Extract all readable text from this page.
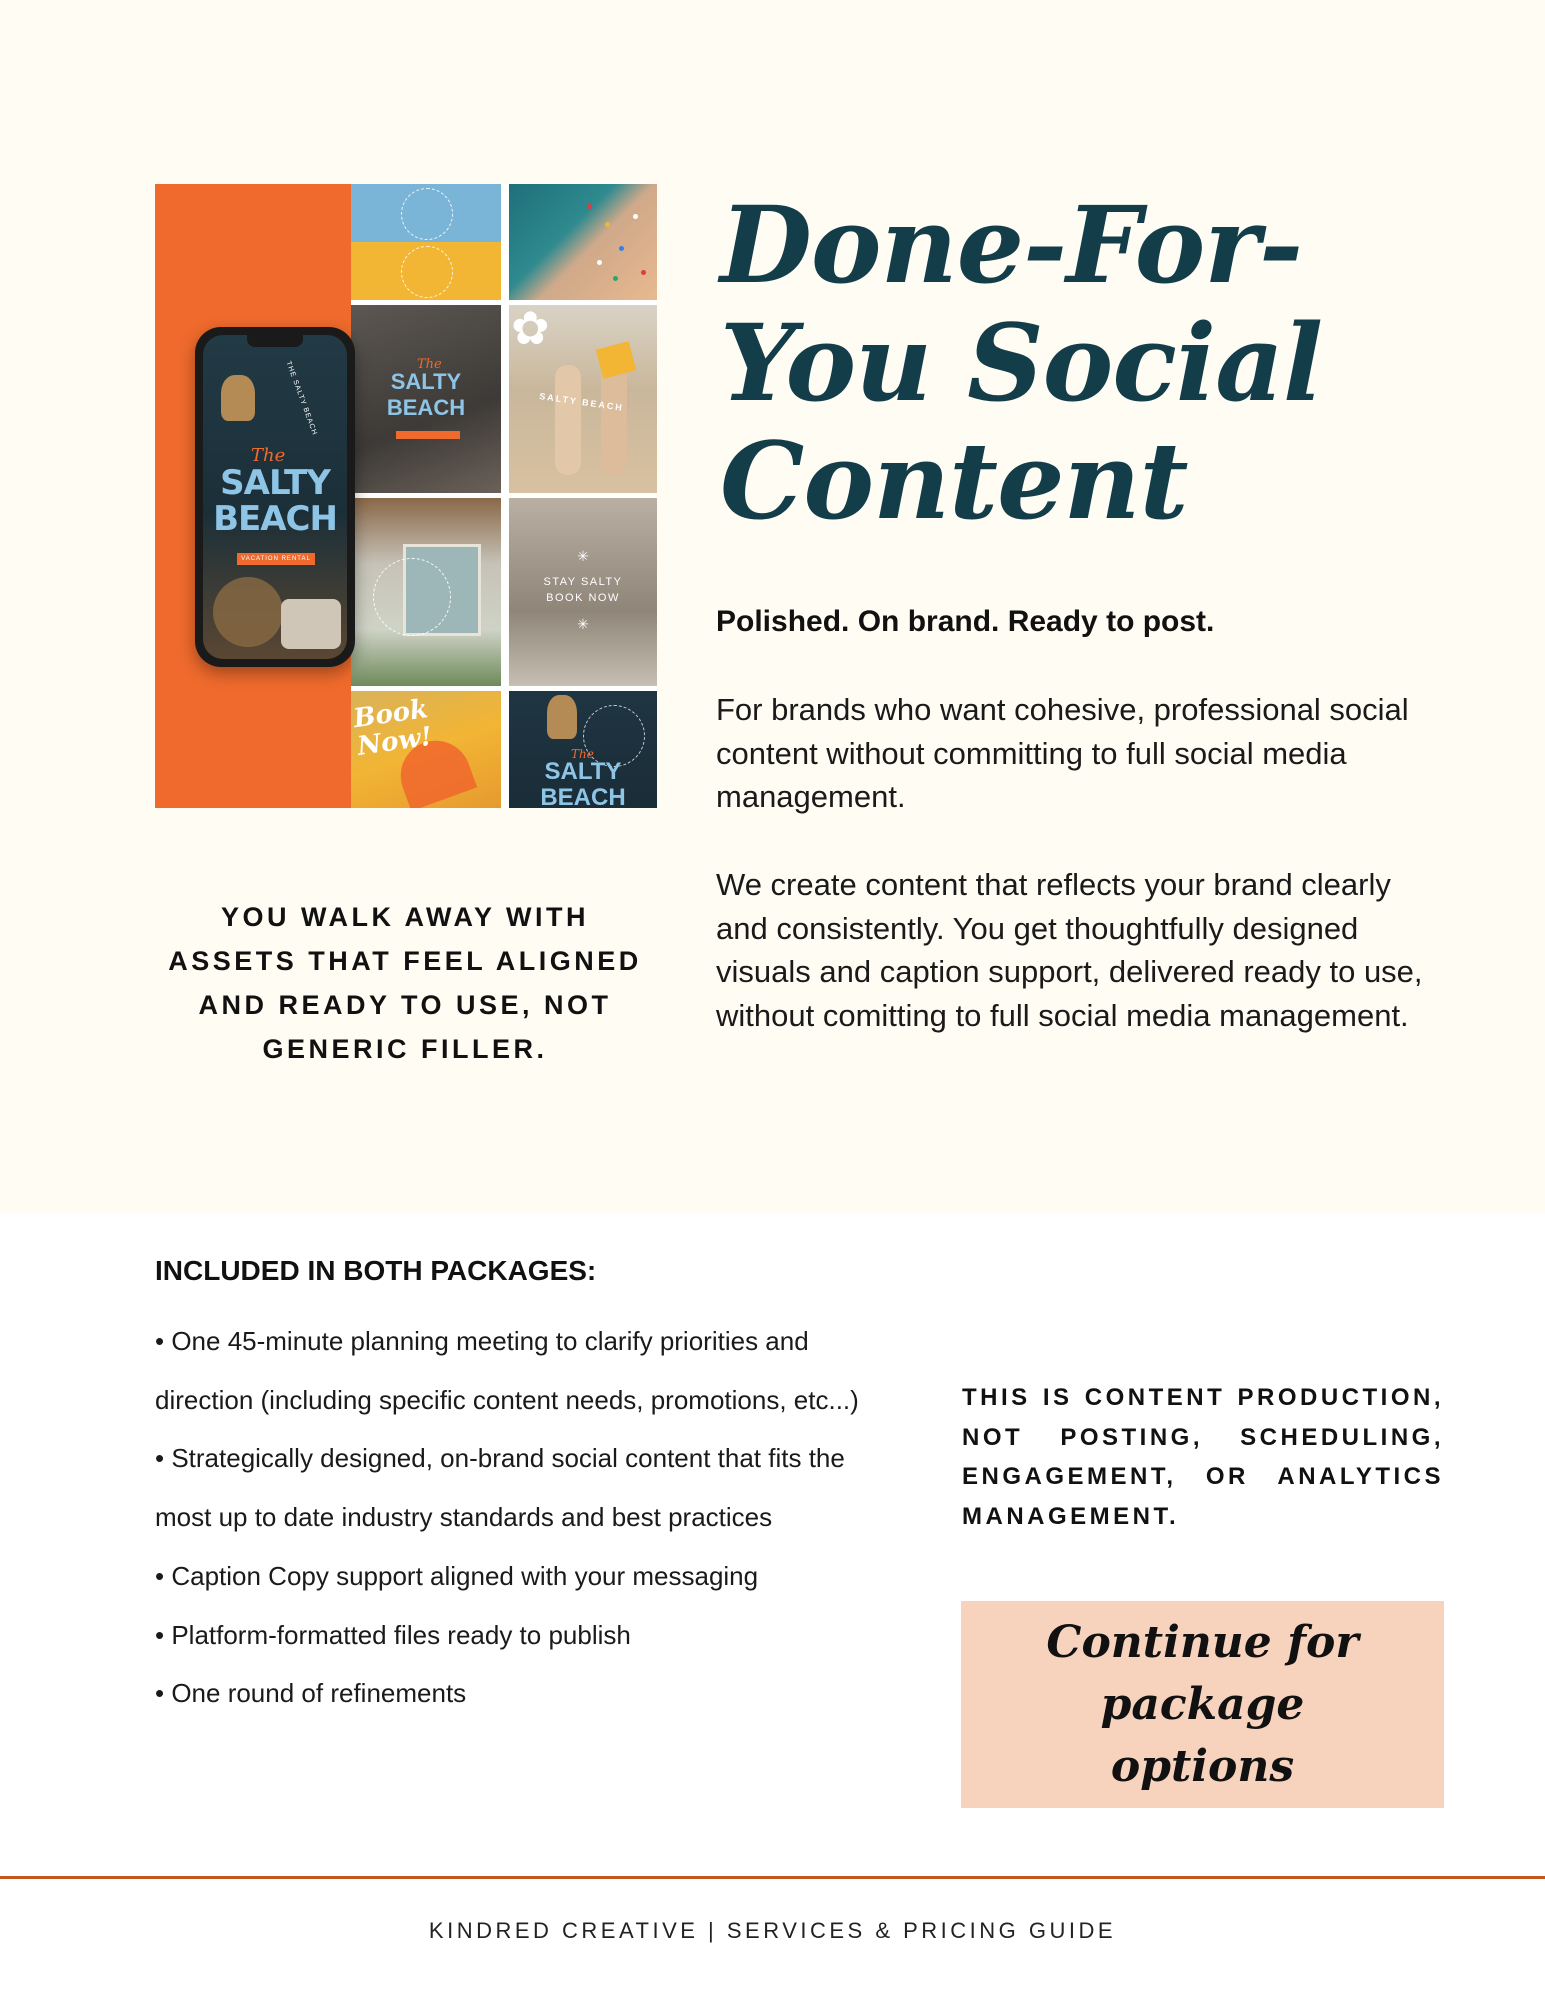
The
SALTY BEACH
✿
SALTY BEACH
✳
STAY SALTY
BOOK NOW
✳
Book Now!	The
SALTY BEACH
THE SALTY BEACH
The
SALTY BEACH
VACATION RENTAL
Done-For-You Social Content

Polished. On brand. Ready to post.

For brands who want cohesive, professional social content without committing to full social media management.

We create content that reflects your brand clearly and consistently. You get thoughtfully designed visuals and caption support, delivered ready to use, without comitting to full social media management.

YOU WALK AWAY WITH ASSETS THAT FEEL ALIGNED AND READY TO USE, NOT GENERIC FILLER.

INCLUDED IN BOTH PACKAGES:
• One 45-minute planning meeting to clarify priorities and direction (including specific content needs, promotions, etc...)
• Strategically designed, on-brand social content that fits the most up to date industry standards and best practices
• Caption Copy support aligned with your messaging
• Platform-formatted files ready to publish
• One round of refinements

THIS IS CONTENT PRODUCTION, NOT POSTING, SCHEDULING, ENGAGEMENT, OR ANALYTICS MANAGEMENT.

Continue for package options

KINDRED CREATIVE | SERVICES & PRICING GUIDE
